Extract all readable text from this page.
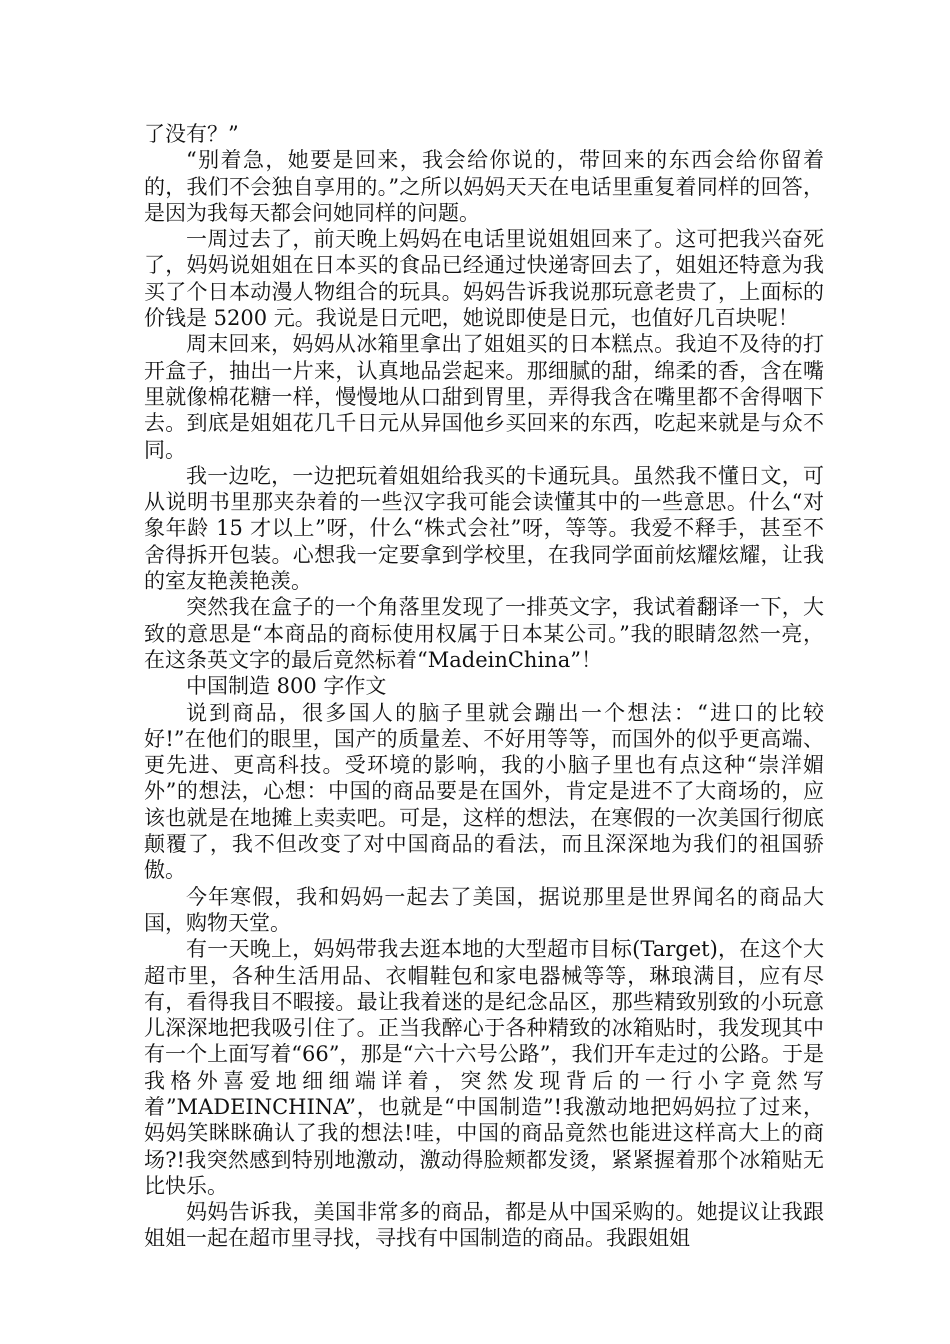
了没有？”

“别着急，她要是回来，我会给你说的，带回来的东西会给你留着的，我们不会独自享用的。”之所以妈妈天天在电话里重复着同样的回答，是因为我每天都会问她同样的问题。

一周过去了，前天晚上妈妈在电话里说姐姐回来了。这可把我兴奋死了，妈妈说姐姐在日本买的食品已经通过快递寄回去了，姐姐还特意为我买了个日本动漫人物组合的玩具。妈妈告诉我说那玩意老贵了，上面标的价钱是 5200 元。我说是日元吧，她说即使是日元，也值好几百块呢！

周末回来，妈妈从冰箱里拿出了姐姐买的日本糕点。我迫不及待的打开盒子，抽出一片来，认真地品尝起来。那细腻的甜，绵柔的香，含在嘴里就像棉花糖一样，慢慢地从口甜到胃里，弄得我含在嘴里都不舍得咽下去。到底是姐姐花几千日元从异国他乡买回来的东西，吃起来就是与众不同。

我一边吃，一边把玩着姐姐给我买的卡通玩具。虽然我不懂日文，可从说明书里那夹杂着的一些汉字我可能会读懂其中的一些意思。什么“对象年龄 15 才以上”呀，什么“株式会社”呀，等等。我爱不释手，甚至不舍得拆开包装。心想我一定要拿到学校里，在我同学面前炫耀炫耀，让我的室友艳羡艳羡。

突然我在盒子的一个角落里发现了一排英文字，我试着翻译一下，大致的意思是“本商品的商标使用权属于日本某公司。”我的眼睛忽然一亮，在这条英文字的最后竟然标着“MadeinChina”！

中国制造 800 字作文

说到商品，很多国人的脑子里就会蹦出一个想法：“进口的比较好!”在他们的眼里，国产的质量差、不好用等等，而国外的似乎更高端、更先进、更高科技。受环境的影响，我的小脑子里也有点这种“崇洋媚外”的想法，心想：中国的商品要是在国外，肯定是进不了大商场的，应该也就是在地摊上卖卖吧。可是，这样的想法，在寒假的一次美国行彻底颠覆了，我不但改变了对中国商品的看法，而且深深地为我们的祖国骄傲。

今年寒假，我和妈妈一起去了美国，据说那里是世界闻名的商品大国，购物天堂。

有一天晚上，妈妈带我去逛本地的大型超市目标(Target)，在这个大超市里，各种生活用品、衣帽鞋包和家电器械等等，琳琅满目，应有尽有，看得我目不暇接。最让我着迷的是纪念品区，那些精致别致的小玩意儿深深地把我吸引住了。正当我醉心于各种精致的冰箱贴时，我发现其中有一个上面写着“66”，那是“六十六号公路”，我们开车走过的公路。于是我格外喜爱地细细端详着，突然发现背后的一行小字竟然写着”MADEINCHINA”，也就是“中国制造”!我激动地把妈妈拉了过来，妈妈笑眯眯确认了我的想法!哇，中国的商品竟然也能进这样高大上的商场?!我突然感到特别地激动，激动得脸颊都发烫，紧紧握着那个冰箱贴无比快乐。

妈妈告诉我，美国非常多的商品，都是从中国采购的。她提议让我跟姐姐一起在超市里寻找，寻找有中国制造的商品。我跟姐姐
